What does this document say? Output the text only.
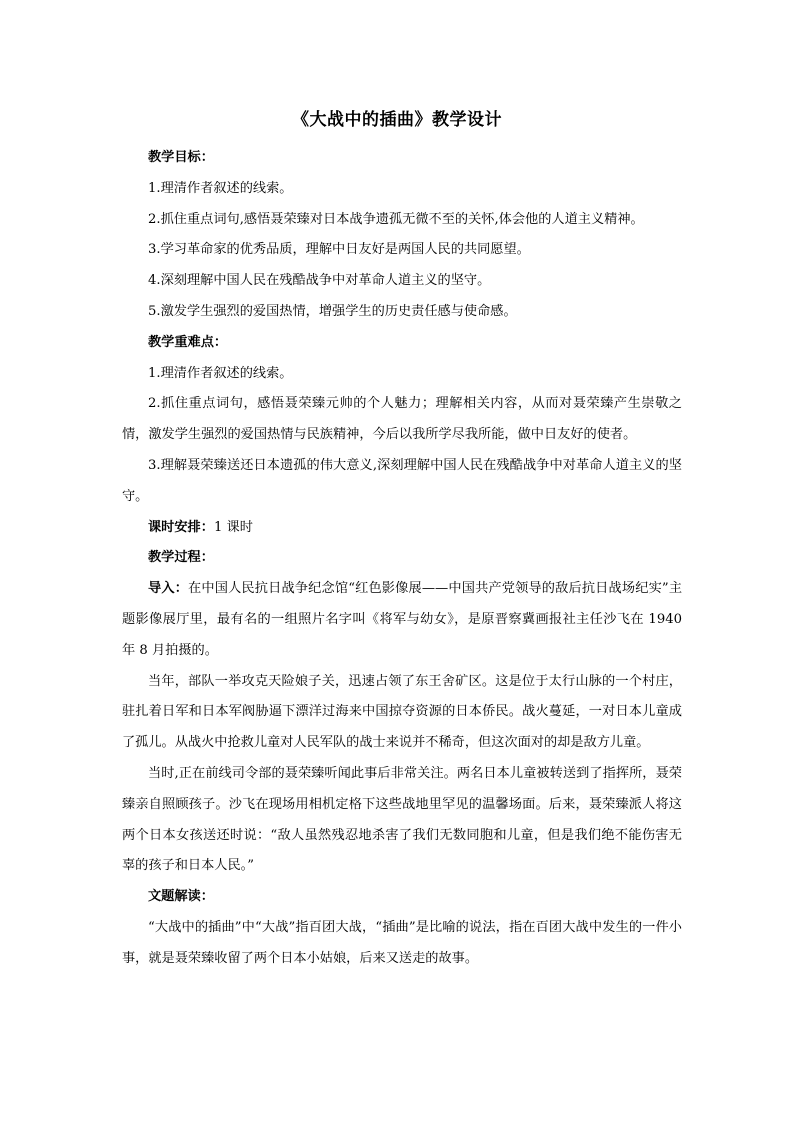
《大战中的插曲》教学设计

教学目标：

1.理清作者叙述的线索。

2.抓住重点词句,感悟聂荣臻对日本战争遗孤无微不至的关怀,体会他的人道主义精神。

3.学习革命家的优秀品质，理解中日友好是两国人民的共同愿望。

4.深刻理解中国人民在残酷战争中对革命人道主义的坚守。

5.激发学生强烈的爱国热情，增强学生的历史责任感与使命感。

教学重难点：

1.理清作者叙述的线索。

2.抓住重点词句，感悟聂荣臻元帅的个人魅力；理解相关内容，从而对聂荣臻产生崇敬之情，激发学生强烈的爱国热情与民族精神，今后以我所学尽我所能，做中日友好的使者。

3.理解聂荣臻送还日本遗孤的伟大意义,深刻理解中国人民在残酷战争中对革命人道主义的坚守。

课时安排：1 课时

教学过程：

导入：在中国人民抗日战争纪念馆“红色影像展——中国共产党领导的敌后抗日战场纪实”主题影像展厅里，最有名的一组照片名字叫《将军与幼女》，是原晋察冀画报社主任沙飞在 1940 年 8 月拍摄的。

当年，部队一举攻克天险娘子关，迅速占领了东王舍矿区。这是位于太行山脉的一个村庄，驻扎着日军和日本军阀胁逼下漂洋过海来中国掠夺资源的日本侨民。战火蔓延，一对日本儿童成了孤儿。从战火中抢救儿童对人民军队的战士来说并不稀奇，但这次面对的却是敌方儿童。

当时,正在前线司令部的聂荣臻听闻此事后非常关注。两名日本儿童被转送到了指挥所，聂荣臻亲自照顾孩子。沙飞在现场用相机定格下这些战地里罕见的温馨场面。后来，聂荣臻派人将这两个日本女孩送还时说：“敌人虽然残忍地杀害了我们无数同胞和儿童，但是我们绝不能伤害无辜的孩子和日本人民。”

文题解读：

“大战中的插曲”中“大战”指百团大战，“插曲”是比喻的说法，指在百团大战中发生的一件小事，就是聂荣臻收留了两个日本小姑娘，后来又送走的故事。
